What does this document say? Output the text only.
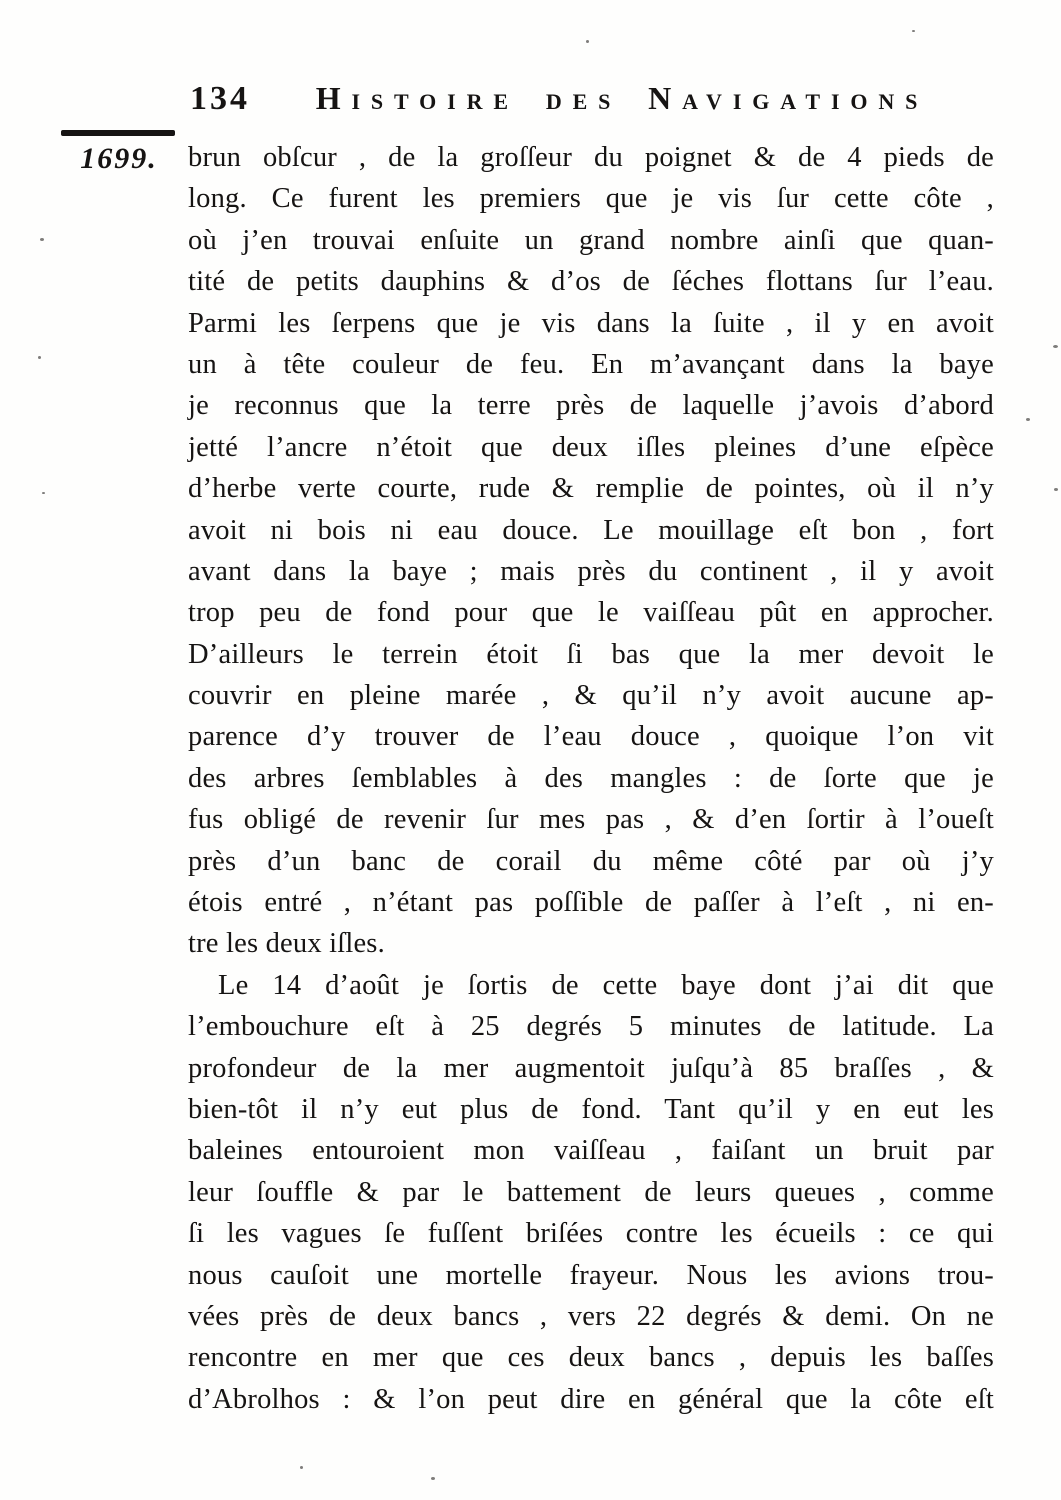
134	Histoire des Navigations
1699.	brun obſcur , de la groſſeur du poignet & de 4 pieds de
long. Ce furent les premiers que je vis ſur cette côte ,
où j’en trouvai enſuite un grand nombre ainſi que quan-
tité de petits dauphins & d’os de ſéches flottans ſur l’eau.
Parmi les ſerpens que je vis dans la ſuite , il y en avoit
un à tête couleur de feu. En m’avançant dans la baye
je reconnus que la terre près de laquelle j’avois d’abord
jetté l’ancre n’étoit que deux iſles pleines d’une eſpèce
d’herbe verte courte, rude & remplie de pointes, où il n’y
avoit ni bois ni eau douce. Le mouillage eſt bon , fort
avant dans la baye ; mais près du continent , il y avoit
trop peu de fond pour que le vaiſſeau pût en approcher.
D’ailleurs le terrein étoit ſi bas que la mer devoit le
couvrir en pleine marée , & qu’il n’y avoit aucune ap-
parence d’y trouver de l’eau douce , quoique l’on vit
des arbres ſemblables à des mangles : de ſorte que je
fus obligé de revenir ſur mes pas , & d’en ſortir à l’oueſt
près d’un banc de corail du même côté par où j’y
étois entré , n’étant pas poſſible de paſſer à l’eſt , ni en-
tre les deux iſles.
Le 14 d’août je ſortis de cette baye dont j’ai dit que
l’embouchure eſt à 25 degrés 5 minutes de latitude. La
profondeur de la mer augmentoit juſqu’à 85 braſſes , &
bien-tôt il n’y eut plus de fond. Tant qu’il y en eut les
baleines entouroient mon vaiſſeau , faiſant un bruit par
leur ſouffle & par le battement de leurs queues , comme
ſi les vagues ſe fuſſent briſées contre les écueils : ce qui
nous cauſoit une mortelle frayeur. Nous les avions trou-
vées près de deux bancs , vers 22 degrés & demi. On ne
rencontre en mer que ces deux bancs , depuis les baſſes
d’Abrolhos : & l’on peut dire en général que la côte eſt
